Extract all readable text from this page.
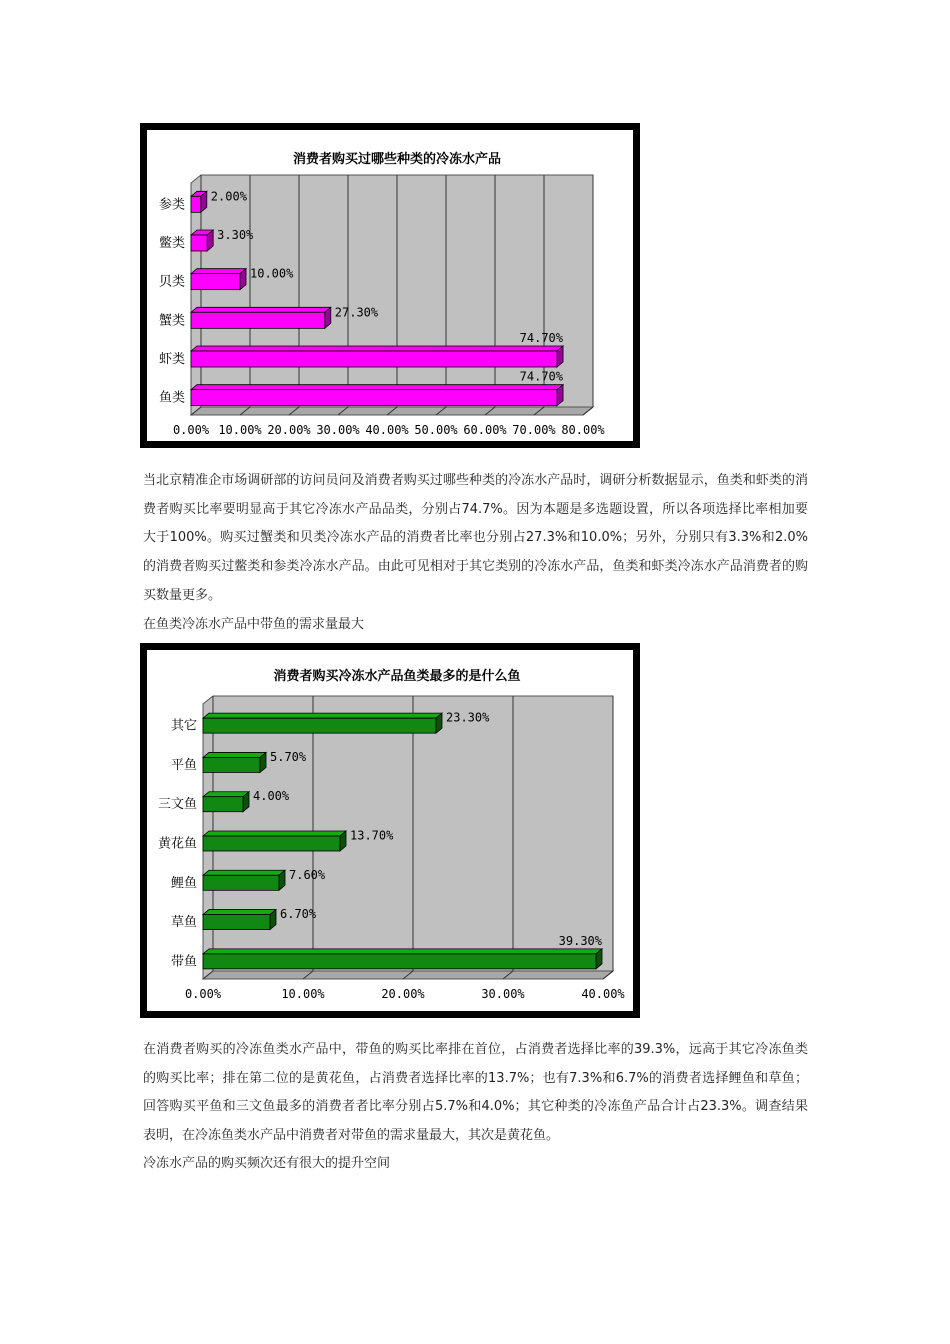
0.00% 10.00% 20.00% 30.00% 40.00% 50.00% 60.00% 70.00% 80.00%
消费者购买过哪些种类的冷冻水产品
参类
2.00%
鳖类
3.30%
贝类
10.00%
蟹类
27.30%
虾类
74.70%
鱼类
74.70%

当北京精准企市场调研部的访问员问及消费者购买过哪些种类的冷冻水产品时，调研分析数据显示，鱼类和虾类的消费者购买比率要明显高于其它冷冻水产品品类，分别占74.7%。因为本题是多选题设置，所以各项选择比率相加要大于100%。购买过蟹类和贝类冷冻水产品的消费者比率也分别占27.3%和10.0%；另外，分别只有3.3%和2.0%的消费者购买过鳖类和参类冷冻水产品。由此可见相对于其它类别的冷冻水产品，鱼类和虾类冷冻水产品消费者的购买数量更多。

在鱼类冷冻水产品中带鱼的需求量最大

0.00%	10.00%	20.00%	30.00%	40.00%
消费者购买冷冻水产品鱼类最多的是什么鱼
其它
23.30%
平鱼
5.70%
三文鱼
4.00%
黄花鱼
13.70%
鲤鱼
7.60%
草鱼
6.70%
带鱼
39.30%

在消费者购买的冷冻鱼类水产品中，带鱼的购买比率排在首位，占消费者选择比率的39.3%，远高于其它冷冻鱼类的购买比率；排在第二位的是黄花鱼，占消费者选择比率的13.7%；也有7.3%和6.7%的消费者选择鲤鱼和草鱼；回答购买平鱼和三文鱼最多的消费者者比率分别占5.7%和4.0%；其它种类的冷冻鱼产品合计占23.3%。调查结果表明，在冷冻鱼类水产品中消费者对带鱼的需求量最大，其次是黄花鱼。

冷冻水产品的购买频次还有很大的提升空间
